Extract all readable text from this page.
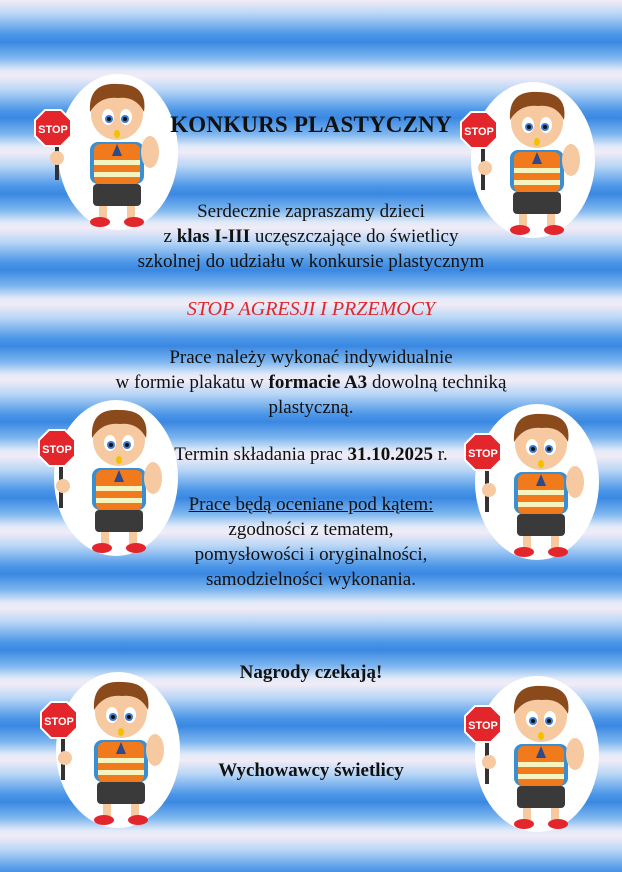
STOP	STOP
STOP	STOP
STOP	STOP
KONKURS PLASTYCZNY
Serdecznie zapraszamy dzieci
z klas I-III uczęszczające do świetlicy
szkolnej do udziału w konkursie plastycznym
STOP AGRESJI I PRZEMOCY
Prace należy wykonać indywidualnie
w formie plakatu w formacie A3 dowolną techniką
plastyczną.
Termin składania prac 31.10.2025 r.
Prace będą oceniane pod kątem:
zgodności z tematem,
pomysłowości i oryginalności,
samodzielności wykonania.
Nagrody czekają!
Wychowawcy świetlicy
